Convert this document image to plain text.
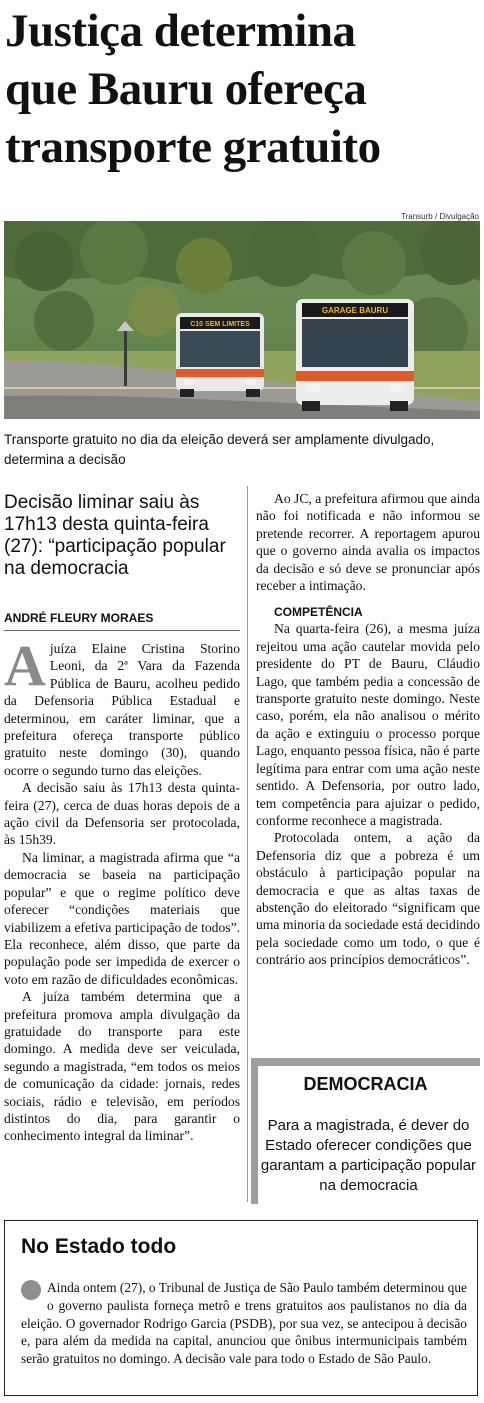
Justiça determina
que Bauru ofereça
transporte gratuito
Transurb / Divulgação
C10 SEM LIMITES
GARAGE BAURU
Transporte gratuito no dia da eleição deverá ser amplamente divulgado, determina a decisão
Decisão liminar saiu às 17h13 desta quinta-feira (27): “participação popular na democracia
ANDRÉ FLEURY MORAES

Ajuíza Elaine Cristina Storino Leoni, da 2ª Vara da Fazenda Pública de Bauru, acolheu pedido da Defensoria Pública Estadual e determinou, em caráter liminar, que a prefeitura ofereça transporte público gratuito neste domingo (30), quando ocorre o segundo turno das eleições.

A decisão saiu às 17h13 desta quinta-feira (27), cerca de duas horas depois de a ação civil da Defensoria ser protocolada, às 15h39.

Na liminar, a magistrada afirma que “a democracia se baseia na participação popular” e que o regime político deve oferecer “condições materiais que viabilizem a efetiva participação de todos”. Ela reconhece, além disso, que parte da população pode ser impedida de exercer o voto em razão de dificuldades econômicas.

A juíza também determina que a prefeitura promova ampla divulgação da gratuidade do transporte para este domingo. A medida deve ser veiculada, segundo a magistrada, “em todos os meios de comunicação da cidade: jornais, redes sociais, rádio e televisão, em períodos distintos do dia, para garantir o conhecimento integral da liminar”.

Ao JC, a prefeitura afirmou que ainda não foi notificada e não informou se pretende recorrer. A reportagem apurou que o governo ainda avalia os impactos da decisão e só deve se pronunciar após receber a intimação.

COMPETÊNCIA

Na quarta-feira (26), a mesma juíza rejeitou uma ação cautelar movida pelo presidente do PT de Bauru, Cláudio Lago, que também pedia a concessão de transporte gratuito neste domingo. Neste caso, porém, ela não analisou o mérito da ação e extinguiu o processo porque Lago, enquanto pessoa física, não é parte legítima para entrar com uma ação neste sentido. A Defensoria, por outro lado, tem competência para ajuizar o pedido, conforme reconhece a magistrada.

Protocolada ontem, a ação da Defensoria diz que a pobreza é um obstáculo à participação popular na democracia e que as altas taxas de abstenção do eleitorado “significam que uma minoria da sociedade está decidindo pela sociedade como um todo, o que é contrário aos princípios democráticos”.

DEMOCRACIA
Para a magistrada, é dever do Estado oferecer condições que garantam a participação popular na democracia
No Estado todo
Ainda ontem (27), o Tribunal de Justiça de São Paulo também determinou que o governo paulista forneça metrô e trens gratuitos aos paulistanos no dia da eleição. O governador Rodrigo Garcia (PSDB), por sua vez, se antecipou à decisão e, para além da medida na capital, anunciou que ônibus intermunicipais também serão gratuitos no domingo. A decisão vale para todo o Estado de São Paulo.
